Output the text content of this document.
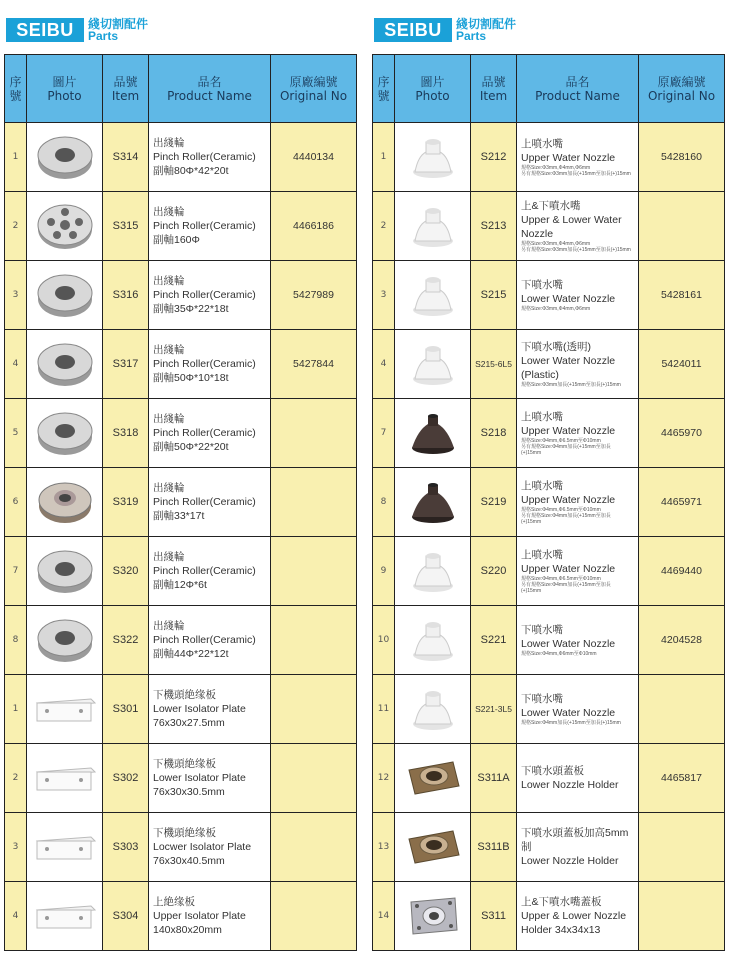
SEIBU	綫切割配件
Parts
序
號	圖片
Photo	品號
Item	品名
Product Name	原廠編號
Original No
1		S314	出綫輪
Pinch Roller(Ceramic)
副軸80Φ*42*20t	4440134
2		S315	出綫輪
Pinch Roller(Ceramic)
副軸160Φ	4466186
3		S316	出綫輪
Pinch Roller(Ceramic)
副軸35Φ*22*18t	5427989
4		S317	出綫輪
Pinch Roller(Ceramic)
副軸50Φ*10*18t	5427844
5		S318	出綫輪
Pinch Roller(Ceramic)
副軸50Φ*22*20t	
6		S319	出綫輪
Pinch Roller(Ceramic)
副軸33*17t	
7		S320	出綫輪
Pinch Roller(Ceramic)
副軸12Φ*6t	
8		S322	出綫輪
Pinch Roller(Ceramic)
副軸44Φ*22*12t	
1		S301	下機頭絶缘板
Lower Isolator Plate
76x30x27.5mm	
2		S302	下機頭絶缘板
Lower Isolator Plate
76x30x30.5mm	
3		S303	下機頭絶缘板
Locwer Isolator Plate
76x30x40.5mm	
4		S304	上絶缘板
Upper Isolator Plate
140x80x20mm	
SEIBU	綫切割配件
Parts
序
號	圖片
Photo	品號
Item	品名
Product Name	原廠編號
Original No
1		S212	上噴水嘴
Upper Water Nozzle
規格Size:Φ3mm,Φ4mm,Φ6mm
另有規格Size:Φ3mm加長(+15mm至加長(+)15mm	5428160
2		S213	上&下噴水嘴
Upper & Lower Water
Nozzle
規格Size:Φ3mm,Φ4mm,Φ6mm
另有規格Size:Φ3mm加長(+15mm至加長(+)15mm	

3		S215	下噴水嘴
Lower Water Nozzle
規格Size:Φ3mm,Φ4mm,Φ6mm	5428161
4		S215-6L5	下噴水嘴(透明)
Lower Water Nozzle
(Plastic)
規格Size:Φ3mm加長(+15mm至加長(+)15mm	5424011
7		S218	上噴水嘴
Upper Water Nozzle
規格Size:Φ4mm,Φ6.5mm至Φ10mm
另有規格Size:Φ4mm加長(+15mm至加長
(+)15mm	4465970
8		S219	上噴水嘴
Upper Water Nozzle
規格Size:Φ4mm,Φ6.5mm至Φ10mm
另有規格Size:Φ4mm加長(+15mm至加長
(+)15mm	4465971
9		S220	上噴水嘴
Upper Water Nozzle
規格Size:Φ4mm,Φ6.5mm至Φ10mm
另有規格Size:Φ4mm加長(+15mm至加長
(+)15mm	4469440
10		S221	下噴水嘴
Lower Water Nozzle
規格Size:Φ4mm,Φ6mm至Φ10mm	4204528
11		S221-3L5	下噴水嘴
Lower Water Nozzle
規格Size:Φ4mm加長(+15mm至加長(+)15mm	

12		S311A	下噴水頭蓋板
Lower Nozzle Holder	4465817
13		S311B	下噴水頭蓋板加高5mm制
Lower Nozzle Holder	
14		S311	上&下噴水嘴蓋板
Upper & Lower Nozzle
Holder 34x34x13	
